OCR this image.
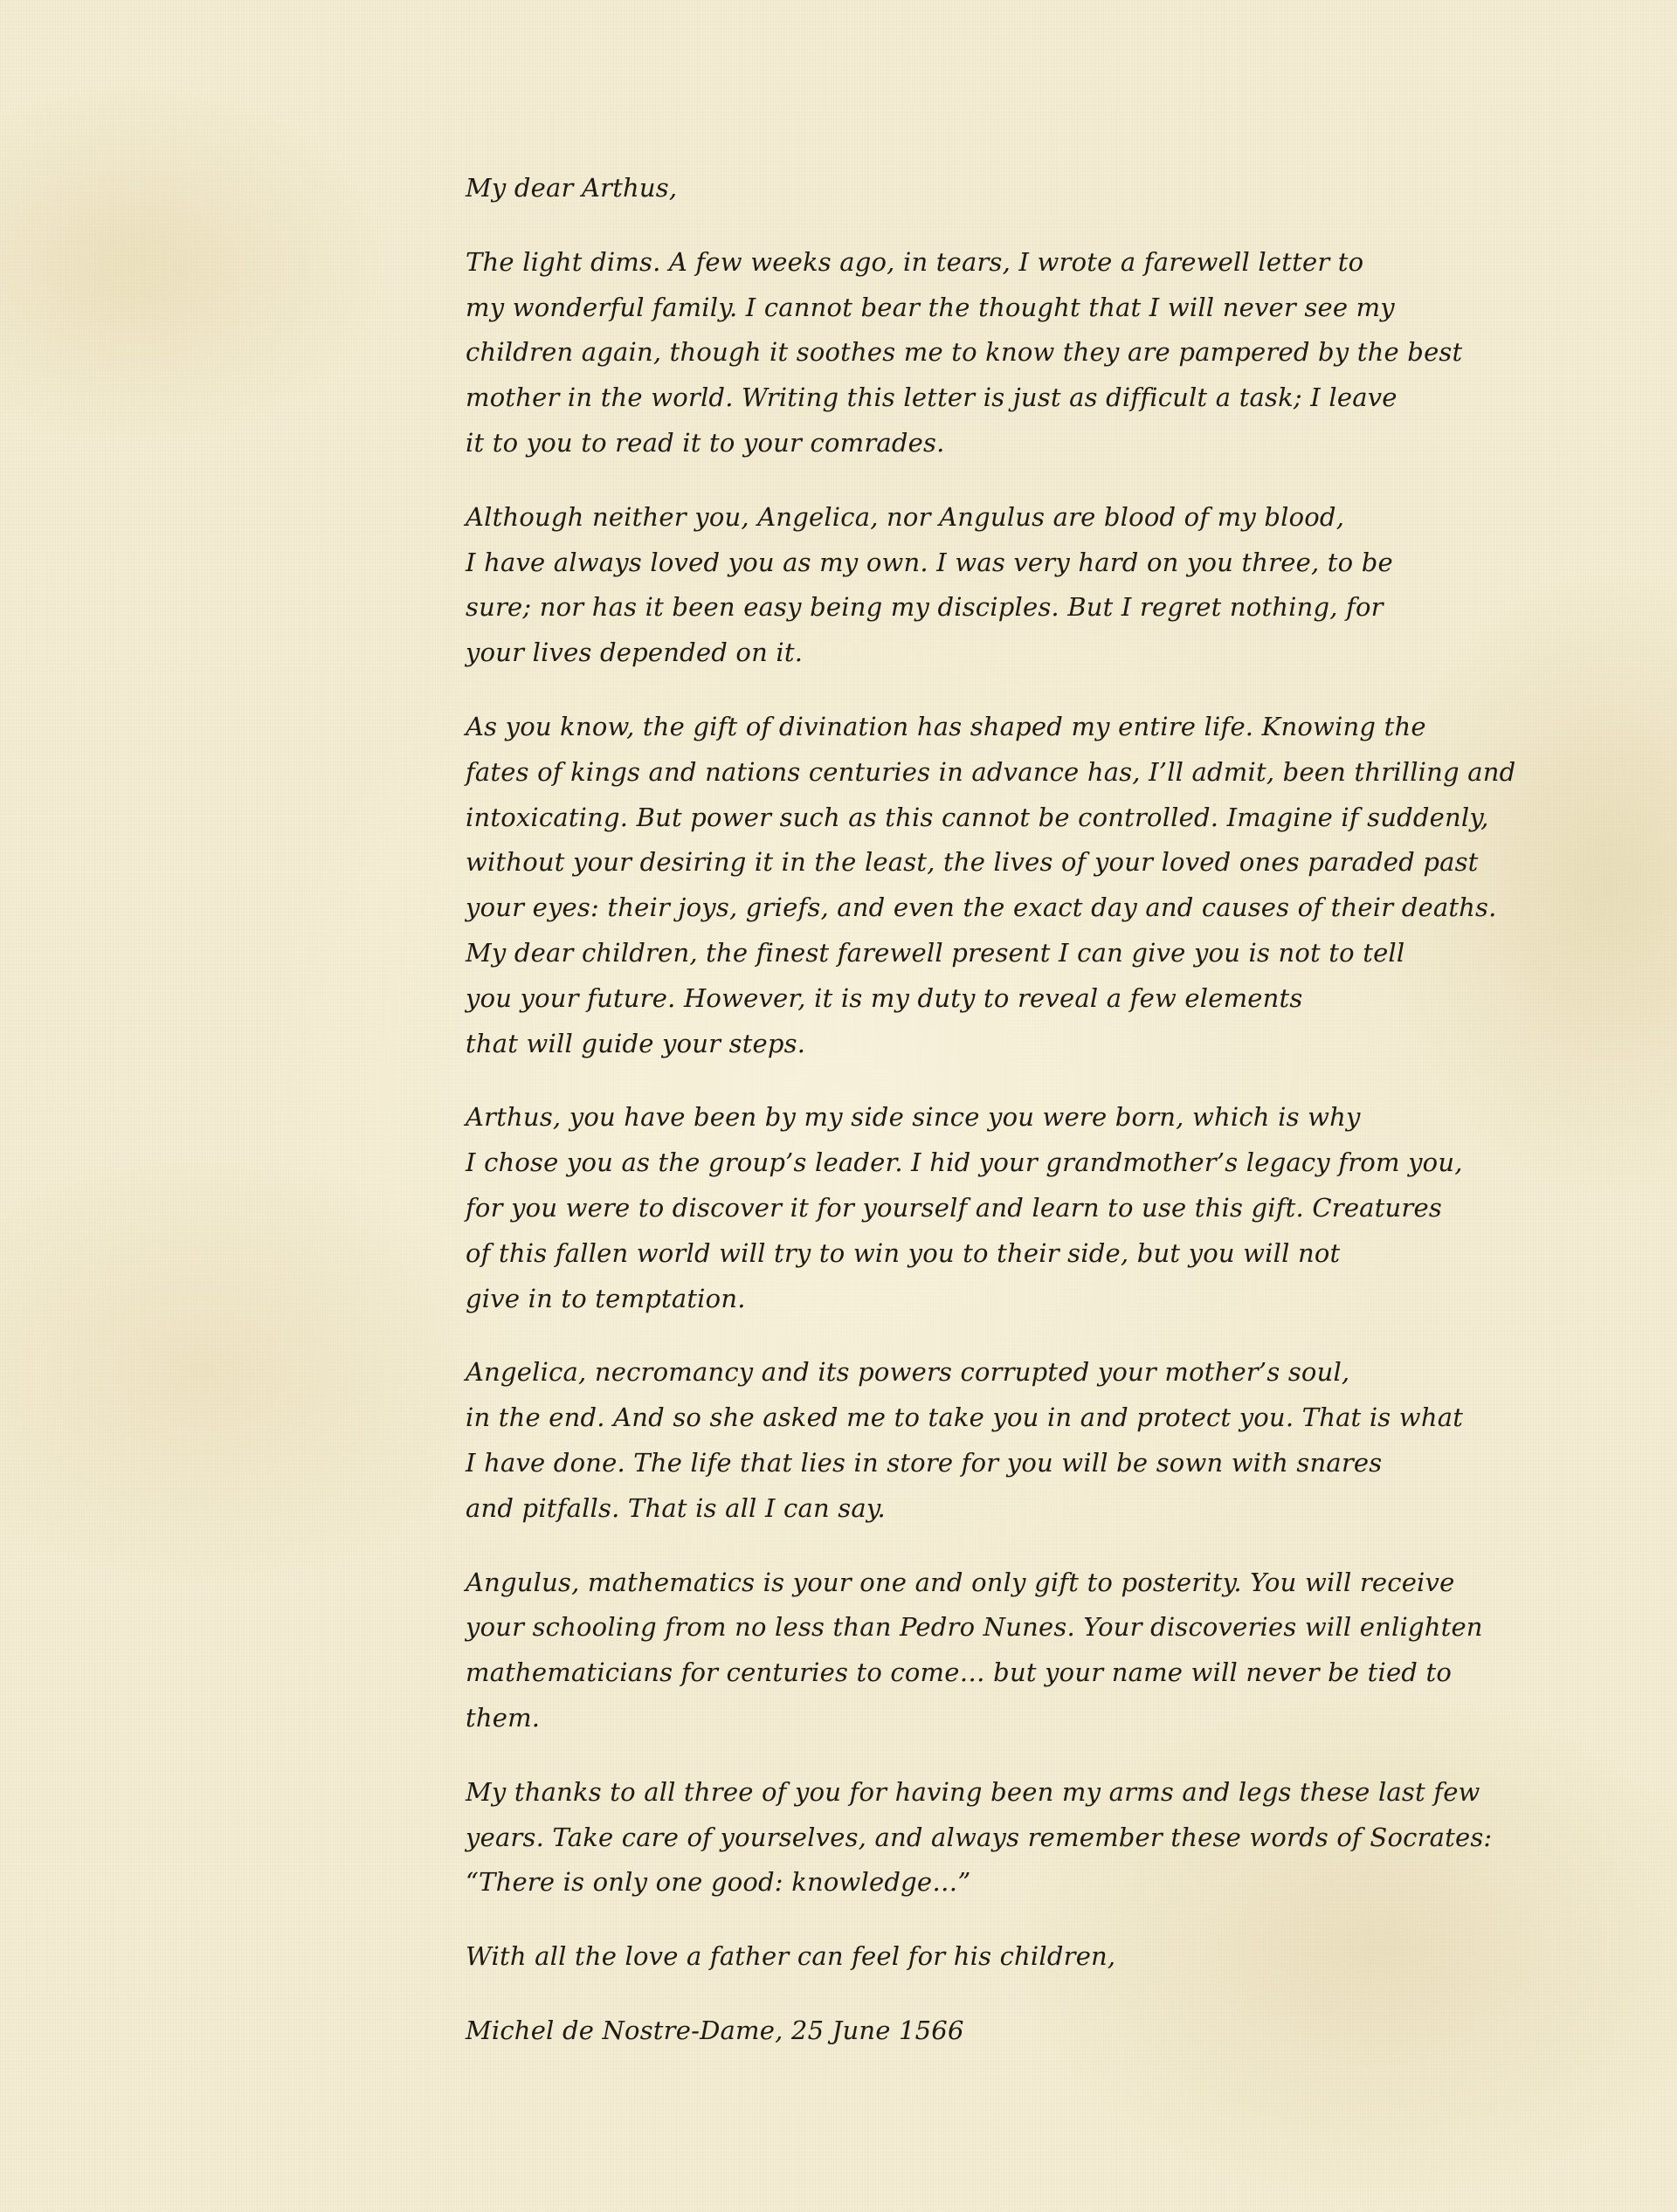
My dear Arthus,

The light dims. A few weeks ago, in tears, I wrote a farewell letter to
my wonderful family. I cannot bear the thought that I will never see my
children again, though it soothes me to know they are pampered by the best
mother in the world. Writing this letter is just as difficult a task; I leave
it to you to read it to your comrades.

Although neither you, Angelica, nor Angulus are blood of my blood,
I have always loved you as my own. I was very hard on you three, to be
sure; nor has it been easy being my disciples. But I regret nothing, for
your lives depended on it.

As you know, the gift of divination has shaped my entire life. Knowing the
fates of kings and nations centuries in advance has, I’ll admit, been thrilling and
intoxicating. But power such as this cannot be controlled. Imagine if suddenly,
without your desiring it in the least, the lives of your loved ones paraded past
your eyes: their joys, griefs, and even the exact day and causes of their deaths.
My dear children, the finest farewell present I can give you is not to tell
you your future. However, it is my duty to reveal a few elements
that will guide your steps.

Arthus, you have been by my side since you were born, which is why
I chose you as the group’s leader. I hid your grandmother’s legacy from you,
for you were to discover it for yourself and learn to use this gift. Creatures
of this fallen world will try to win you to their side, but you will not
give in to temptation.

Angelica, necromancy and its powers corrupted your mother’s soul,
in the end. And so she asked me to take you in and protect you. That is what
I have done. The life that lies in store for you will be sown with snares
and pitfalls. That is all I can say.

Angulus, mathematics is your one and only gift to posterity. You will receive
your schooling from no less than Pedro Nunes. Your discoveries will enlighten
mathematicians for centuries to come… but your name will never be tied to
them.

My thanks to all three of you for having been my arms and legs these last few
years. Take care of yourselves, and always remember these words of Socrates:
“There is only one good: knowledge…”

With all the love a father can feel for his children,

Michel de Nostre-Dame, 25 June 1566
